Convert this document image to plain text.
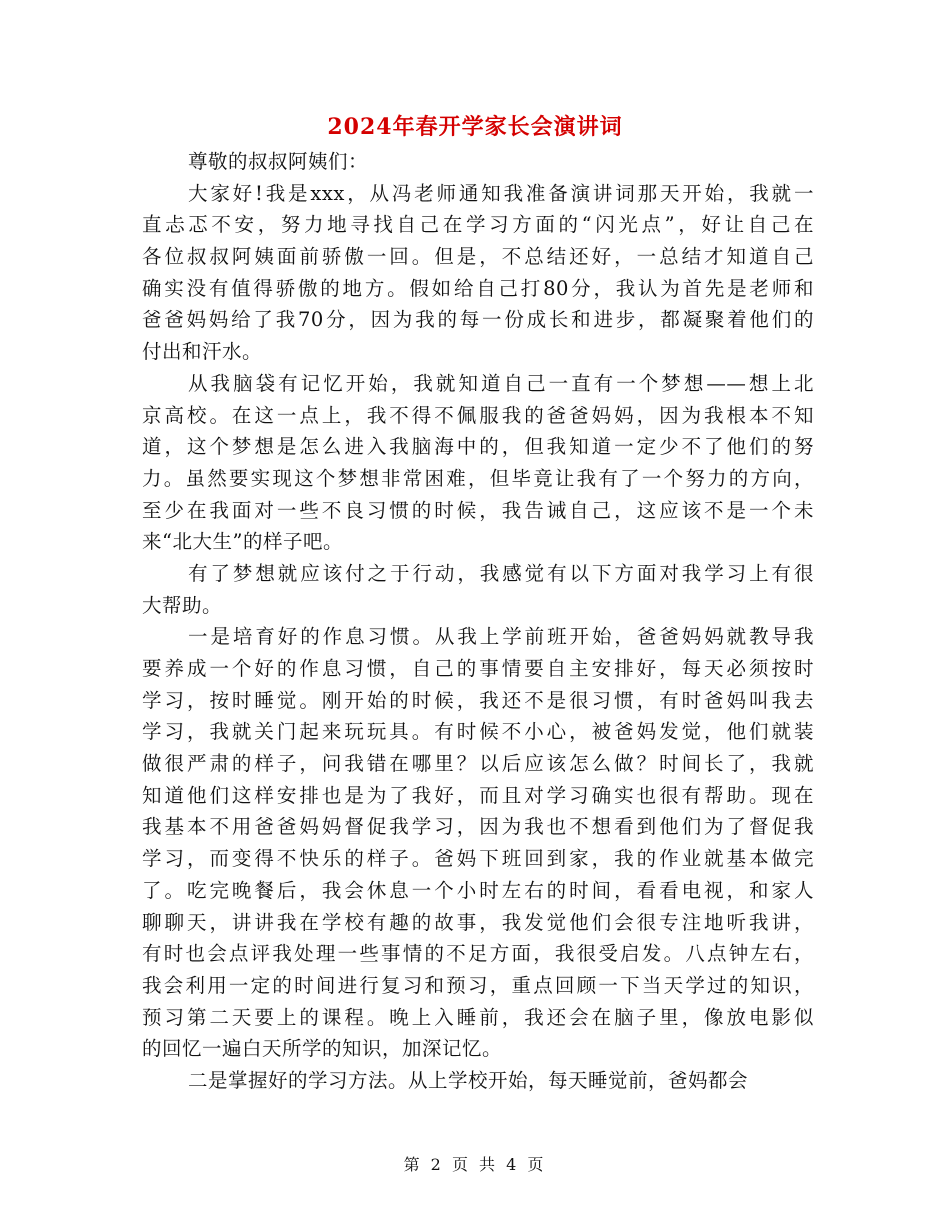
2024年春开学家长会演讲词
尊敬的叔叔阿姨们：
大家好!我是xxx，从冯老师通知我准备演讲词那天开始，我就一
直忐忑不安，努力地寻找自己在学习方面的“闪光点”，好让自己在
各位叔叔阿姨面前骄傲一回。但是，不总结还好，一总结才知道自己
确实没有值得骄傲的地方。假如给自己打80分，我认为首先是老师和
爸爸妈妈给了我70分，因为我的每一份成长和进步，都凝聚着他们的
付出和汗水。
从我脑袋有记忆开始，我就知道自己一直有一个梦想——想上北
京高校。在这一点上，我不得不佩服我的爸爸妈妈，因为我根本不知
道，这个梦想是怎么进入我脑海中的，但我知道一定少不了他们的努
力。虽然要实现这个梦想非常困难，但毕竟让我有了一个努力的方向，
至少在我面对一些不良习惯的时候，我告诫自己，这应该不是一个未
来“北大生”的样子吧。
有了梦想就应该付之于行动，我感觉有以下方面对我学习上有很
大帮助。
一是培育好的作息习惯。从我上学前班开始，爸爸妈妈就教导我
要养成一个好的作息习惯，自己的事情要自主安排好，每天必须按时
学习，按时睡觉。刚开始的时候，我还不是很习惯，有时爸妈叫我去
学习，我就关门起来玩玩具。有时候不小心，被爸妈发觉，他们就装
做很严肃的样子，问我错在哪里？以后应该怎么做？时间长了，我就
知道他们这样安排也是为了我好，而且对学习确实也很有帮助。现在
我基本不用爸爸妈妈督促我学习，因为我也不想看到他们为了督促我
学习，而变得不快乐的样子。爸妈下班回到家，我的作业就基本做完
了。吃完晚餐后，我会休息一个小时左右的时间，看看电视，和家人
聊聊天，讲讲我在学校有趣的故事，我发觉他们会很专注地听我讲，
有时也会点评我处理一些事情的不足方面，我很受启发。八点钟左右，
我会利用一定的时间进行复习和预习，重点回顾一下当天学过的知识，
预习第二天要上的课程。晚上入睡前，我还会在脑子里，像放电影似
的回忆一遍白天所学的知识，加深记忆。
二是掌握好的学习方法。从上学校开始，每天睡觉前，爸妈都会
第 2 页 共 4 页
